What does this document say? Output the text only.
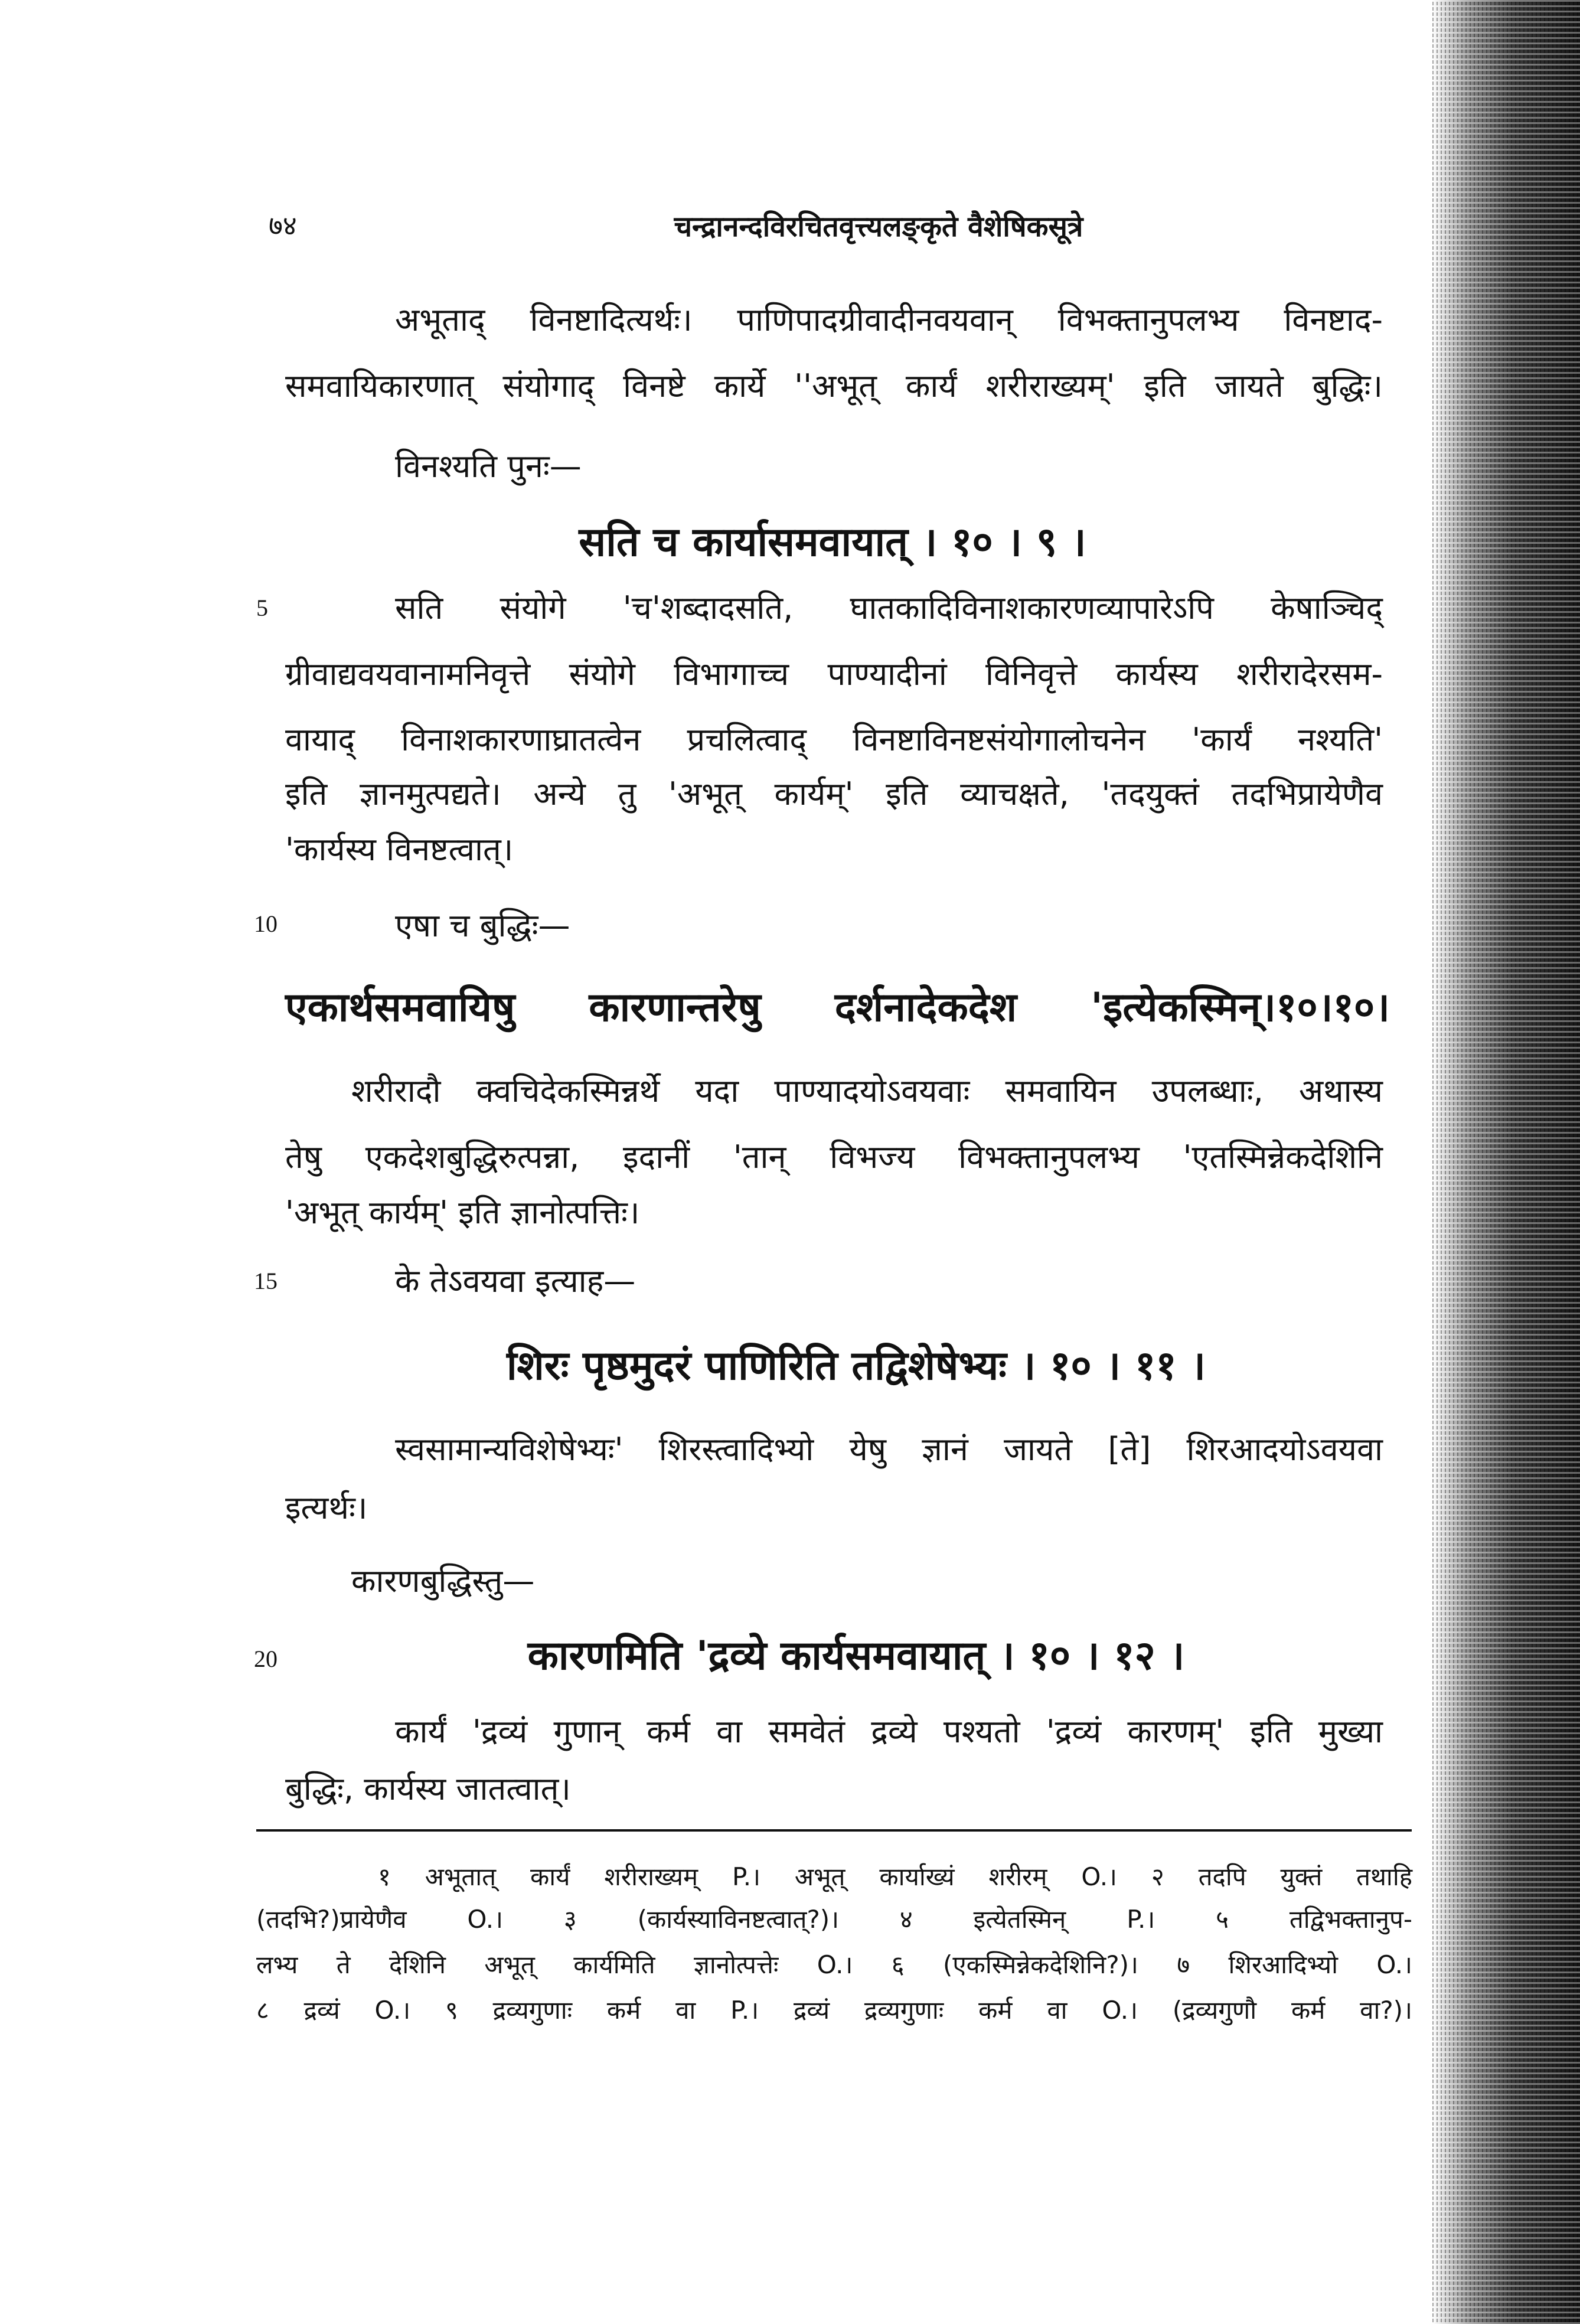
७४	चन्द्रानन्दविरचितवृत्त्यलङ्कृते वैशेषिकसूत्रे
अभूताद् विनष्टादित्यर्थः। पाणिपादग्रीवादीनवयवान् विभक्तानुपलभ्य विनष्टाद-
समवायिकारणात् संयोगाद् विनष्टे कार्ये ''अभूत् कार्यं शरीराख्यम्' इति जायते बुद्धिः।
विनश्यति पुनः—
सति च कार्यासमवायात् । १० । ९ ।
5	सति संयोगे 'च'शब्दादसति, घातकादिविनाशकारणव्यापारेऽपि केषाञ्चिद्
ग्रीवाद्यवयवानामनिवृत्ते संयोगे विभागाच्च पाण्यादीनां विनिवृत्ते कार्यस्य शरीरादेरसम-
वायाद् विनाशकारणाघ्रातत्वेन प्रचलित्वाद् विनष्टाविनष्टसंयोगालोचनेन 'कार्यं नश्यति'
इति ज्ञानमुत्पद्यते। अन्ये तु 'अभूत् कार्यम्' इति व्याचक्षते, 'तदयुक्तं तदभिप्रायेणैव
'कार्यस्य विनष्टत्वात्।
10	एषा च बुद्धिः—
एकार्थसमवायिषु कारणान्तरेषु दर्शनादेकदेश 'इत्येकस्मिन्।१०।१०।
शरीरादौ क्वचिदेकस्मिन्नर्थे यदा पाण्यादयोऽवयवाः समवायिन उपलब्धाः, अथास्य
तेषु एकदेशबुद्धिरुत्पन्ना, इदानीं 'तान् विभज्य विभक्तानुपलभ्य 'एतस्मिन्नेकदेशिनि
'अभूत् कार्यम्' इति ज्ञानोत्पत्तिः।
15	के तेऽवयवा इत्याह—
शिरः पृष्ठमुदरं पाणिरिति तद्विशेषेभ्यः । १० । ११ ।
स्वसामान्यविशेषेभ्यः' शिरस्त्वादिभ्यो येषु ज्ञानं जायते [ते] शिरआदयोऽवयवा
इत्यर्थः।
कारणबुद्धिस्तु—
20	कारणमिति 'द्रव्ये कार्यसमवायात् । १० । १२ ।
कार्यं 'द्रव्यं गुणान् कर्म वा समवेतं द्रव्ये पश्यतो 'द्रव्यं कारणम्' इति मुख्या
बुद्धिः, कार्यस्य जातत्वात्।
१ अभूतात् कार्यं शरीराख्यम् P.। अभूत् कार्याख्यं शरीरम् O.। २ तदपि युक्तं तथाहि
(तदभि?)प्रायेणैव O.। ३ (कार्यस्याविनष्टत्वात्?)। ४ इत्येतस्मिन् P.। ५ तद्विभक्तानुप-
लभ्य ते देशिनि अभूत् कार्यमिति ज्ञानोत्पत्तेः O.। ६ (एकस्मिन्नेकदेशिनि?)। ७ शिरआदिभ्यो O.।
८ द्रव्यं O.। ९ द्रव्यगुणाः कर्म वा P.। द्रव्यं द्रव्यगुणाः कर्म वा O.। (द्रव्यगुणौ कर्म वा?)।
